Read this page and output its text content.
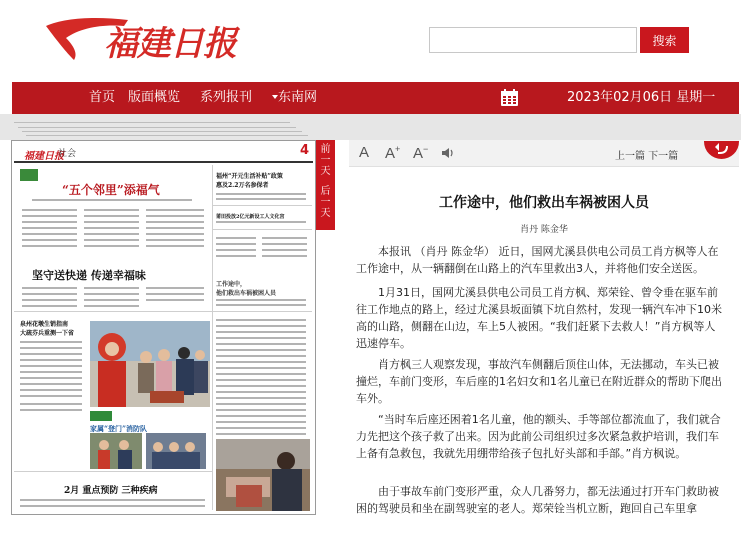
福建日报	搜索
首页 版面概览 系列报刊 东南网	2023年02月06日 星期一
福建日报
社会	4
“五个邻里”添福气
坚守送快递 传递幸福味
福州“开元生活补贴”政策
惠及2.2万名参保者
莆田投放2亿元新设工人文化宫
工作途中，
他们救出车祸被困人员
泉州花墩生销指南
大疏芬兵重测一下省
家属“登门”消防队
2月 重点预防 三种疾病
前
一
天
后
一
天
A A+ A−
上一篇 下一篇
工作途中，他们救出车祸被困人员
肖丹 陈金华

本报讯 （肖丹 陈金华） 近日，国网尤溪县供电公司员工肖方枫等人在工作途中，从一辆翻倒在山路上的汽车里救出3人，并将他们安全送医。

1月31日，国网尤溪县供电公司员工肖方枫、郑荣铨、曾令垂在驱车前往工作地点的路上，经过尤溪县坂面镇下坑自然村，发现一辆汽车冲下10米高的山路，侧翻在山边，车上5人被困。“我们赶紧下去救人！”肖方枫等人迅速停车。

肖方枫三人观察发现，事故汽车侧翻后顶住山体，无法挪动，车头已被撞烂，车前门变形，车后座的1名妇女和1名儿童已在附近群众的帮助下爬出车外。

“当时车后座还困着1名儿童，他的额头、手等部位都流血了，我们就合力先把这个孩子救了出来。因为此前公司组织过多次紧急救护培训，我们车上备有急救包，我就先用绷带给孩子包扎好头部和手部。”肖方枫说。

由于事故车前门变形严重，众人几番努力，都无法通过打开车门救助被困的驾驶员和坐在副驾驶室的老人。郑荣铨当机立断，跑回自己车里拿
